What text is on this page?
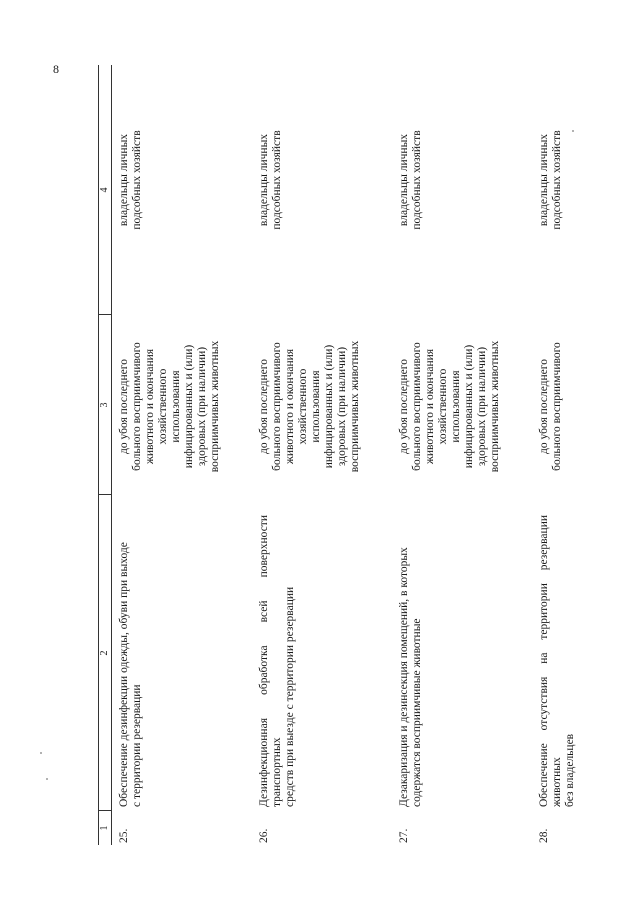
8
1
2
3
4
25.
Обеспечение дезинфекции одежды, обуви при выходе с территории резервации
до убоя последнего больного восприимчивого животного и окончания хозяйственного использования инфицированных и (или) здоровых (при наличии) восприимчивых животных
владельцы личных подсобных хозяйств
26.
Дезинфекционная обработка всей поверхности транспортных средств при выезде с территории резервации
до убоя последнего больного восприимчивого животного и окончания хозяйственного использования инфицированных и (или) здоровых (при наличии) восприимчивых животных
владельцы личных подсобных хозяйств
27.
Дезакаризация и дезинсекция помещений, в которых содержатся восприимчивые животные
до убоя последнего больного восприимчивого животного и окончания хозяйственного использования инфицированных и (или) здоровых (при наличии) восприимчивых животных
владельцы личных подсобных хозяйств
28.
Обеспечение отсутствия на территории резервации животных без владельцев
до убоя последнего больного восприимчивого
владельцы личных подсобных хозяйств
